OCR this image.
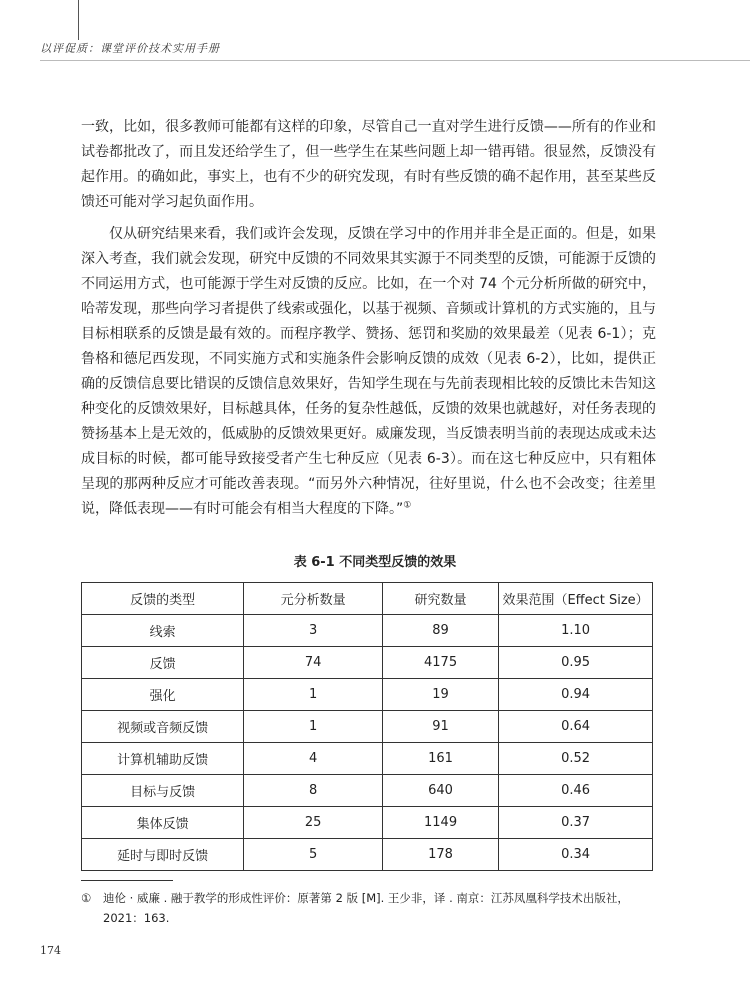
以评促质：课堂评价技术实用手册

一致，比如，很多教师可能都有这样的印象，尽管自己一直对学生进行反馈——所有的作业和试卷都批改了，而且发还给学生了，但一些学生在某些问题上却一错再错。很显然，反馈没有起作用。的确如此，事实上，也有不少的研究发现，有时有些反馈的确不起作用，甚至某些反馈还可能对学习起负面作用。

仅从研究结果来看，我们或许会发现，反馈在学习中的作用并非全是正面的。但是，如果深入考查，我们就会发现，研究中反馈的不同效果其实源于不同类型的反馈，可能源于反馈的不同运用方式，也可能源于学生对反馈的反应。比如，在一个对 74 个元分析所做的研究中，哈蒂发现，那些向学习者提供了线索或强化，以基于视频、音频或计算机的方式实施的，且与目标相联系的反馈是最有效的。而程序教学、赞扬、惩罚和奖励的效果最差（见表 6-1）；克鲁格和德尼西发现，不同实施方式和实施条件会影响反馈的成效（见表 6-2），比如，提供正确的反馈信息要比错误的反馈信息效果好，告知学生现在与先前表现相比较的反馈比未告知这种变化的反馈效果好，目标越具体，任务的复杂性越低，反馈的效果也就越好，对任务表现的赞扬基本上是无效的，低威胁的反馈效果更好。威廉发现，当反馈表明当前的表现达成或未达成目标的时候，都可能导致接受者产生七种反应（见表 6-3）。而在这七种反应中，只有粗体呈现的那两种反应才可能改善表现。“而另外六种情况，往好里说，什么也不会改变；往差里说，降低表现——有时可能会有相当大程度的下降。”①

表 6-1 不同类型反馈的效果
反馈的类型	元分析数量	研究数量	效果范围（Effect Size）
线索	3	89	1.10
反馈	74	4175	0.95
强化	1	19	0.94
视频或音频反馈	1	91	0.64
计算机辅助反馈	4	161	0.52
目标与反馈	8	640	0.46
集体反馈	25	1149	0.37
延时与即时反馈	5	178	0.34
① 迪伦 · 威廉 . 融于教学的形成性评价：原著第 2 版 [M]. 王少非，译 . 南京：江苏凤凰科学技术出版社，
2021：163.
174
